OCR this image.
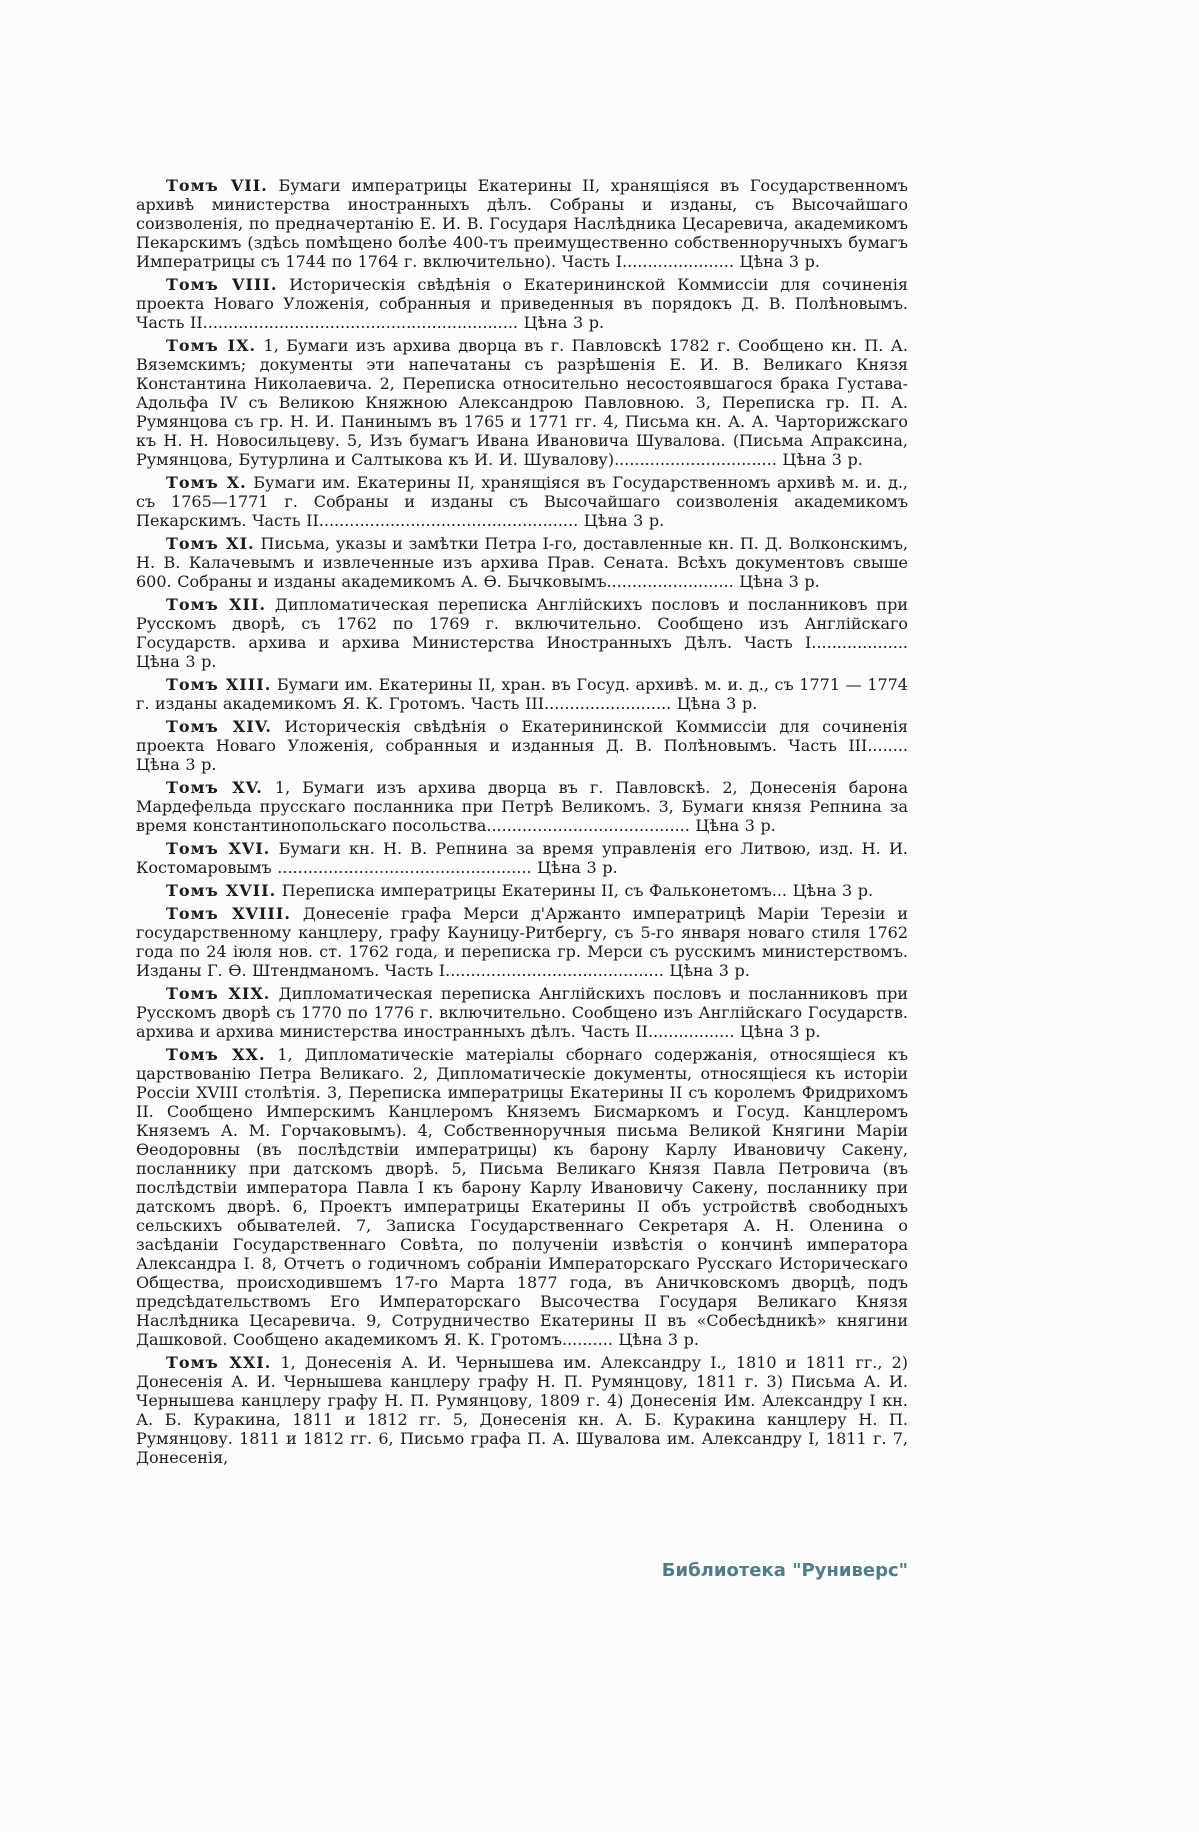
Томъ VII. Бумаги императрицы Екатерины II, хранящіяся въ Государственномъ архивѣ министерства иностранныхъ дѣлъ. Собраны и изданы, съ Высочайшаго соизволенія, по предначертанію Е. И. В. Государя Наслѣдника Цесаревича, академикомъ Пекарскимъ (здѣсь помѣщено болѣе 400-тъ преимущественно собственноручныхъ бумагъ Императрицы съ 1744 по 1764 г. включительно). Часть I...................... Цѣна 3 р.

Томъ VIII. Историческія свѣдѣнія о Екатерининской Коммиссіи для сочиненія проекта Новаго Уложенія, собранныя и приведенныя въ порядокъ Д. В. Полѣновымъ. Часть II.............................................................. Цѣна 3 р.

Томъ IX. 1, Бумаги изъ архива дворца въ г. Павловскѣ 1782 г. Сообщено кн. П. А. Вяземскимъ; документы эти напечатаны съ разрѣшенія Е. И. В. Великаго Князя Константина Николаевича. 2, Переписка относительно несостоявшагося брака Густава-Адольфа IV съ Великою Княжною Александрою Павловною. 3, Переписка гр. П. А. Румянцова съ гр. Н. И. Панинымъ въ 1765 и 1771 гг. 4, Письма кн. А. А. Чарторижскаго къ Н. Н. Новосильцеву. 5, Изъ бумагъ Ивана Ивановича Шувалова. (Письма Апраксина, Румянцова, Бутурлина и Салтыкова къ И. И. Шувалову)................................ Цѣна 3 р.

Томъ X. Бумаги им. Екатерины II, хранящіяся въ Государственномъ архивѣ м. и. д., съ 1765—1771 г. Собраны и изданы съ Высочайшаго соизволенія академикомъ Пекарскимъ. Часть II................................................... Цѣна 3 р.

Томъ XI. Письма, указы и замѣтки Петра I-го, доставленные кн. П. Д. Волконскимъ, Н. В. Калачевымъ и извлеченные изъ архива Прав. Сената. Всѣхъ документовъ свыше 600. Собраны и изданы академикомъ А. Ѳ. Бычковымъ......................... Цѣна 3 р.

Томъ XII. Дипломатическая переписка Англійскихъ пословъ и посланниковъ при Русскомъ дворѣ, съ 1762 по 1769 г. включительно. Сообщено изъ Англійскаго Государств. архива и архива Министерства Иностранныхъ Дѣлъ. Часть I................... Цѣна 3 р.

Томъ XIII. Бумаги им. Екатерины II, хран. въ Госуд. архивѣ. м. и. д., съ 1771 — 1774 г. изданы академикомъ Я. К. Гротомъ. Часть III......................... Цѣна 3 р.

Томъ XIV. Историческія свѣдѣнія о Екатерининской Коммиссіи для сочиненія проекта Новаго Уложенія, собранныя и изданныя Д. В. Полѣновымъ. Часть III........ Цѣна 3 р.

Томъ XV. 1, Бумаги изъ архива дворца въ г. Павловскѣ. 2, Донесенія барона Мардефельда прусскаго посланника при Петрѣ Великомъ. 3, Бумаги князя Репнина за время константинопольскаго посольства........................................ Цѣна 3 р.

Томъ XVI. Бумаги кн. Н. В. Репнина за время управленія его Литвою, изд. Н. И. Костомаровымъ .................................................. Цѣна 3 р.

Томъ XVII. Переписка императрицы Екатерины II, съ Фальконетомъ... Цѣна 3 р.

Томъ XVIII. Донесеніе графа Мерси д'Аржанто императрицѣ Маріи Терезіи и государственному канцлеру, графу Кауницу-Ритбергу, съ 5-го января новаго стиля 1762 года по 24 іюля нов. ст. 1762 года, и переписка гр. Мерси съ русскимъ министерствомъ. Изданы Г. Ѳ. Штендманомъ. Часть I........................................... Цѣна 3 р.

Томъ XIX. Дипломатическая переписка Англійскихъ пословъ и посланниковъ при Русскомъ дворѣ съ 1770 по 1776 г. включительно. Сообщено изъ Англійскаго Государств. архива и архива министерства иностранныхъ дѣлъ. Часть II................. Цѣна 3 р.

Томъ XX. 1, Дипломатическіе матеріалы сборнаго содержанія, относящіеся къ царствованію Петра Великаго. 2, Дипломатическіе документы, относящіеся къ исторіи Россіи XVIII столѣтія. 3, Переписка императрицы Екатерины II съ королемъ Фридрихомъ II. Сообщено Имперскимъ Канцлеромъ Княземъ Бисмаркомъ и Госуд. Канцлеромъ Княземъ А. М. Горчаковымъ). 4, Собственноручныя письма Великой Княгини Маріи Ѳеодоровны (въ послѣдствіи императрицы) къ барону Карлу Ивановичу Сакену, посланнику при датскомъ дворѣ. 5, Письма Великаго Князя Павла Петровича (въ послѣдствіи императора Павла I къ барону Карлу Ивановичу Сакену, посланнику при датскомъ дворѣ. 6, Проектъ императрицы Екатерины II объ устройствѣ свободныхъ сельскихъ обывателей. 7, Записка Государственнаго Секретаря А. Н. Оленина о засѣданіи Государственнаго Совѣта, по полученіи извѣстія о кончинѣ императора Александра I. 8, Отчетъ о годичномъ собраніи Императорскаго Русскаго Историческаго Общества, происходившемъ 17-го Марта 1877 года, въ Аничковскомъ дворцѣ, подъ предсѣдательствомъ Его Императорскаго Высочества Государя Великаго Князя Наслѣдника Цесаревича. 9, Сотрудничество Екатерины II въ «Собесѣдникѣ» княгини Дашковой. Сообщено академикомъ Я. К. Гротомъ.......... Цѣна 3 р.

Томъ XXI. 1, Донесенія А. И. Чернышева им. Александру I., 1810 и 1811 гг., 2) Донесенія А. И. Чернышева канцлеру графу Н. П. Румянцову, 1811 г. 3) Письма А. И. Чернышева канцлеру графу Н. П. Румянцову, 1809 г. 4) Донесенія Им. Александру I кн. А. Б. Куракина, 1811 и 1812 гг. 5, Донесенія кн. А. Б. Куракина канцлеру Н. П. Румянцову. 1811 и 1812 гг. 6, Письмо графа П. А. Шувалова им. Александру I, 1811 г. 7, Донесенія,

Библиотека "Руниверс"
